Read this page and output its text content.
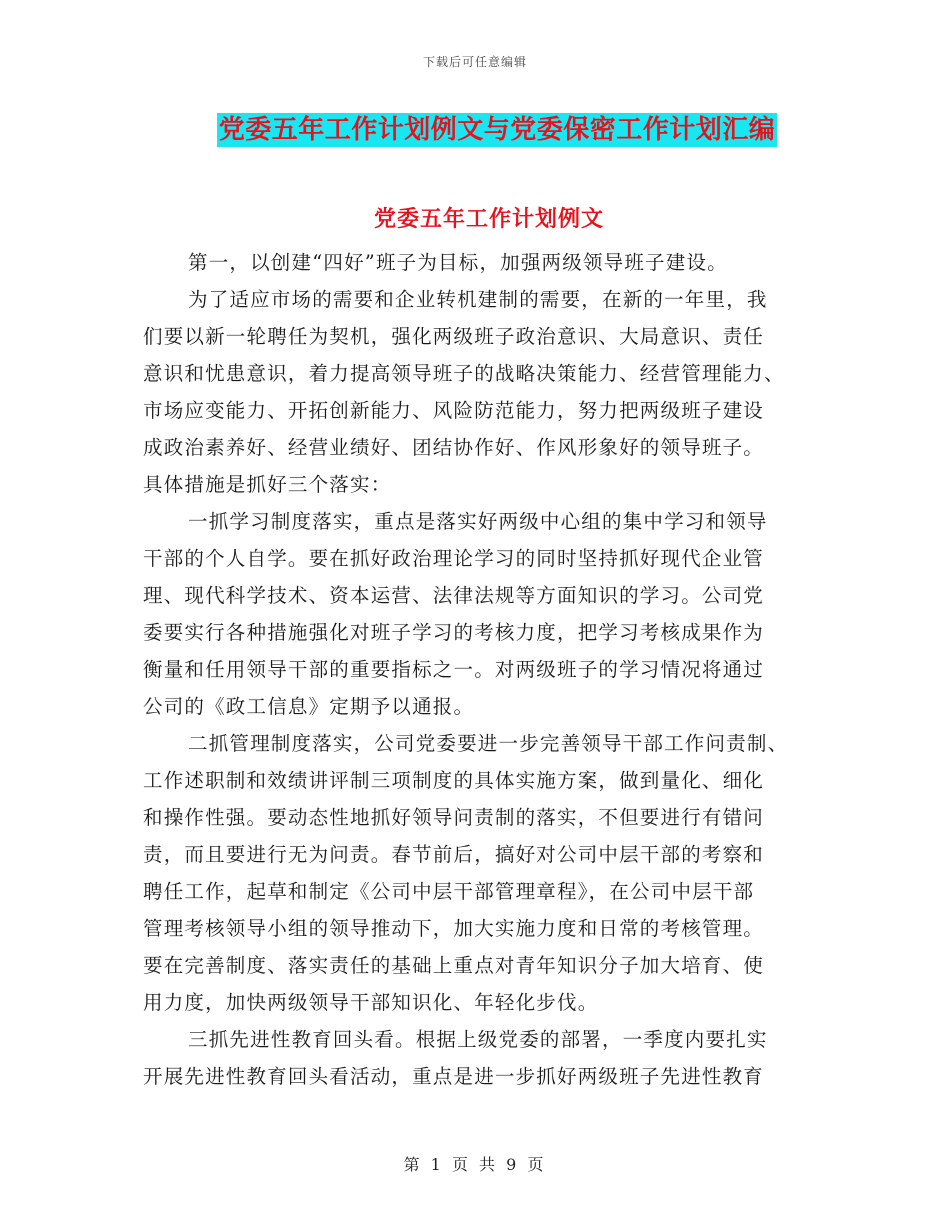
下载后可任意编辑
党委五年工作计划例文与党委保密工作计划汇编
党委五年工作计划例文
第一，以创建“四好”班子为目标，加强两级领导班子建设。
为了适应市场的需要和企业转机建制的需要，在新的一年里，我
们要以新一轮聘任为契机，强化两级班子政治意识、大局意识、责任
意识和忧患意识，着力提高领导班子的战略决策能力、经营管理能力、
市场应变能力、开拓创新能力、风险防范能力，努力把两级班子建设
成政治素养好、经营业绩好、团结协作好、作风形象好的领导班子。
具体措施是抓好三个落实：
一抓学习制度落实，重点是落实好两级中心组的集中学习和领导
干部的个人自学。要在抓好政治理论学习的同时坚持抓好现代企业管
理、现代科学技术、资本运营、法律法规等方面知识的学习。公司党
委要实行各种措施强化对班子学习的考核力度，把学习考核成果作为
衡量和任用领导干部的重要指标之一。对两级班子的学习情况将通过
公司的《政工信息》定期予以通报。
二抓管理制度落实，公司党委要进一步完善领导干部工作问责制、
工作述职制和效绩讲评制三项制度的具体实施方案，做到量化、细化
和操作性强。要动态性地抓好领导问责制的落实，不但要进行有错问
责，而且要进行无为问责。春节前后，搞好对公司中层干部的考察和
聘任工作，起草和制定《公司中层干部管理章程》，在公司中层干部
管理考核领导小组的领导推动下，加大实施力度和日常的考核管理。
要在完善制度、落实责任的基础上重点对青年知识分子加大培育、使
用力度，加快两级领导干部知识化、年轻化步伐。
三抓先进性教育回头看。根据上级党委的部署，一季度内要扎实
开展先进性教育回头看活动，重点是进一步抓好两级班子先进性教育
第 1 页 共 9 页
